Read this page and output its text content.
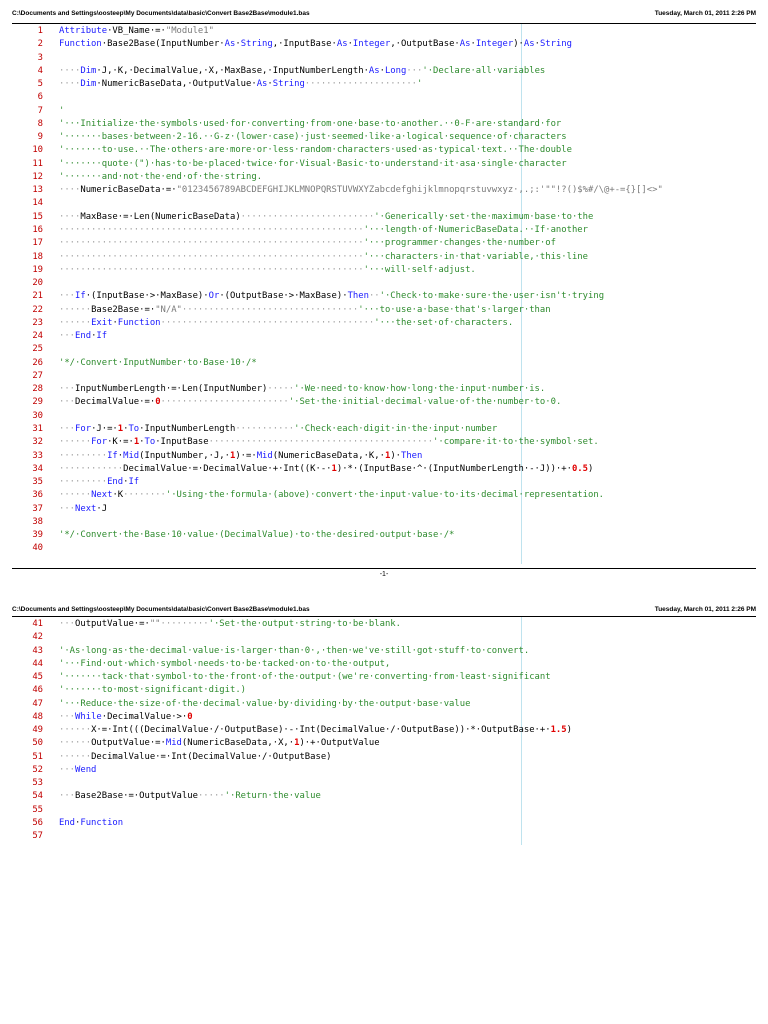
C:\Documents and Settings\oosteep\My Documents\data\basic\Convert Base2Base\module1.bas	Tuesday, March 01, 2011 2:26 PM
1 Attribute·VB_Name·=·"Module1"
2 Function·Base2Base(InputNumber·As·String,·InputBase·As·Integer,·OutputBase·As·Integer)·As·String
3
4 ····Dim·J,·K,·DecimalValue,·X,·MaxBase,·InputNumberLength·As·Long···'·Declare·all·variables
5 ····Dim·NumericBaseData,·OutputValue·As·String·····················'
6
7 '
8 '···Initialize·the·symbols·used·for·converting·from·one·base·to·another.··0-F·are·standard·for
9 '·······bases·between·2-16.··G-z·(lower·case)·just·seemed·like·a·logical·sequence·of·characters
10 '·······to·use.··The·others·are·more·or·less·random·characters·used·as·typical·text.··The·double
11 '·······quote·(")·has·to·be·placed·twice·for·Visual·Basic·to·understand·it·asa·single·character
12 '·······and·not·the·end·of·the·string.
13 ····NumericBaseData·=·"0123456789ABCDEFGHIJKLMNOPQRSTUVWXYZabcdefghijklmnopqrstuvwxyz·,.;:'""!?()$%#/\@+-={}[]<>"
14
15 ····MaxBase·=·Len(NumericBaseData)·························'·Generically·set·the·maximum·base·to·the
16 ·························································'···length·of·NumericBaseData.··If·another
17 ·························································'···programmer·changes·the·number·of
18 ·························································'···characters·in·that·variable,·this·line
19 ·························································'···will·self·adjust.
20
21 ···If·(InputBase·>·MaxBase)·Or·(OutputBase·>·MaxBase)·Then··'·Check·to·make·sure·the·user·isn't·trying
22 ······Base2Base·=·"N/A"·································'···to·use·a·base·that's·larger·than
23 ······Exit·Function········································'···the·set·of·characters.
24 ···End·If
25
26 '*/·Convert·InputNumber·to·Base·10·/*
27
28 ···InputNumberLength·=·Len(InputNumber)·····'·We·need·to·know·how·long·the·input·number·is.
29 ···DecimalValue·=·0························'·Set·the·initial·decimal·value·of·the·number·to·0.
30
31 ···For·J·=·1·To·InputNumberLength···········'·Check·each·digit·in·the·input·number
32 ······For·K·=·1·To·InputBase··········································'·compare·it·to·the·symbol·set.
33 ·········If·Mid(InputNumber,·J,·1)·=·Mid(NumericBaseData,·K,·1)·Then
34 ············DecimalValue·=·DecimalValue·+·Int((K·-·1)·*·(InputBase·^·(InputNumberLength·-·J))·+·0.5)
35 ·········End·If
36 ······Next·K········'·Using·the·formula·(above)·convert·the·input·value·to·its·decimal·representation.
37 ···Next·J
38
39 '*/·Convert·the·Base·10·value·(DecimalValue)·to·the·desired·output·base·/*
40
-1-
C:\Documents and Settings\oosteep\My Documents\data\basic\Convert Base2Base\module1.bas	Tuesday, March 01, 2011 2:26 PM
41 ···OutputValue·=·""·········'·Set·the·output·string·to·be·blank.
42
43 '·As·long·as·the·decimal·value·is·larger·than·0·,·then·we've·still·got·stuff·to·convert.
44 '···Find·out·which·symbol·needs·to·be·tacked·on·to·the·output,
45 '·······tack·that·symbol·to·the·front·of·the·output·(we're·converting·from·least·significant
46 '·······to·most·significant·digit.)
47 '···Reduce·the·size·of·the·decimal·value·by·dividing·by·the·output·base·value
48 ···While·DecimalValue·>·0
49 ······X·=·Int(((DecimalValue·/·OutputBase)·-·Int(DecimalValue·/·OutputBase))·*·OutputBase·+·1.5)
50 ······OutputValue·=·Mid(NumericBaseData,·X,·1)·+·OutputValue
51 ······DecimalValue·=·Int(DecimalValue·/·OutputBase)
52 ···Wend
53
54 ···Base2Base·=·OutputValue·····'·Return·the·value
55
56 End·Function
57
